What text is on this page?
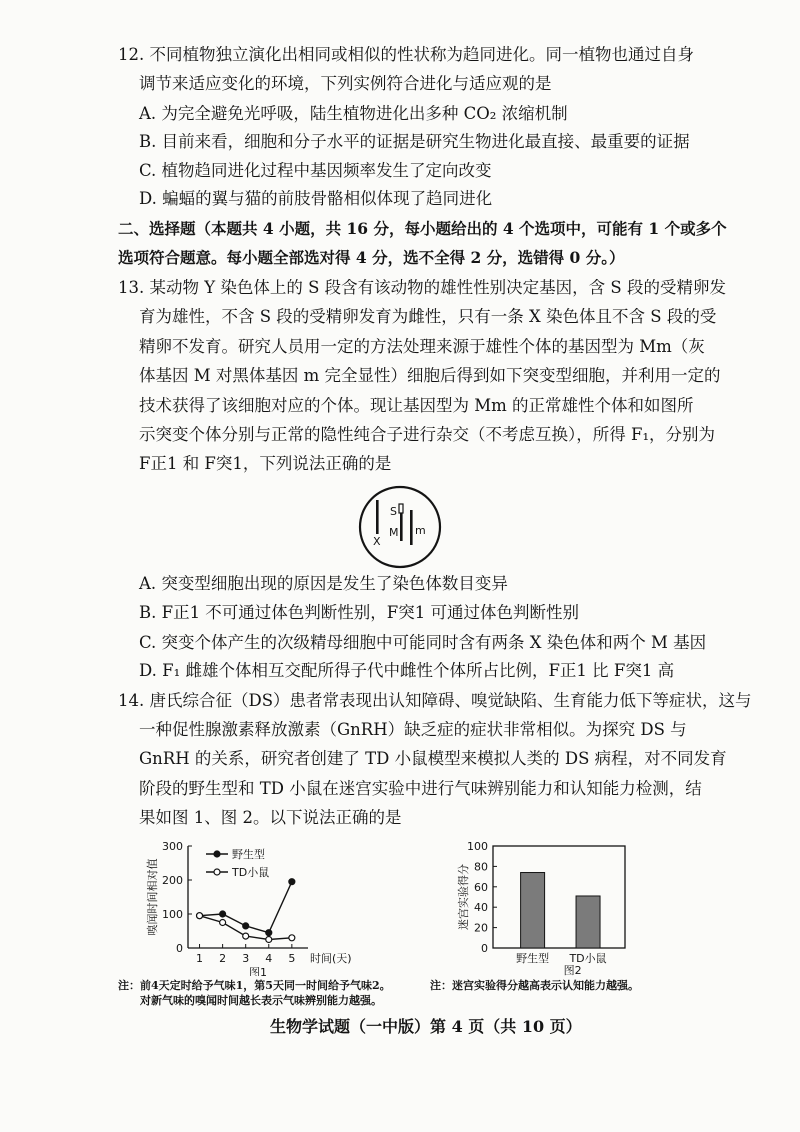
12. 不同植物独立演化出相同或相似的性状称为趋同进化。同一植物也通过自身
调节来适应变化的环境，下列实例符合进化与适应观的是
A. 为完全避免光呼吸，陆生植物进化出多种 CO₂ 浓缩机制
B. 目前来看，细胞和分子水平的证据是研究生物进化最直接、最重要的证据
C. 植物趋同进化过程中基因频率发生了定向改变
D. 蝙蝠的翼与猫的前肢骨骼相似体现了趋同进化
二、选择题（本题共 4 小题，共 16 分，每小题给出的 4 个选项中，可能有 1 个或多个
选项符合题意。每小题全部选对得 4 分，选不全得 2 分，选错得 0 分。）
13. 某动物 Y 染色体上的 S 段含有该动物的雄性性别决定基因，含 S 段的受精卵发
育为雄性，不含 S 段的受精卵发育为雌性，只有一条 X 染色体且不含 S 段的受
精卵不发育。研究人员用一定的方法处理来源于雄性个体的基因型为 Mm（灰
体基因 M 对黑体基因 m 完全显性）细胞后得到如下突变型细胞，并利用一定的
技术获得了该细胞对应的个体。现让基因型为 Mm 的正常雄性个体和如图所
示突变个体分别与正常的隐性纯合子进行杂交（不考虑互换），所得 F₁，分别为
F正1 和 F突1，下列说法正确的是
X
S
M m
A. 突变型细胞出现的原因是发生了染色体数目变异
B. F正1 不可通过体色判断性别，F突1 可通过体色判断性别
C. 突变个体产生的次级精母细胞中可能同时含有两条 X 染色体和两个 M 基因
D. F₁ 雌雄个体相互交配所得子代中雌性个体所占比例，F正1 比 F突1 高
14. 唐氏综合征（DS）患者常表现出认知障碍、嗅觉缺陷、生育能力低下等症状，这与
一种促性腺激素释放激素（GnRH）缺乏症的症状非常相似。为探究 DS 与
GnRH 的关系，研究者创建了 TD 小鼠模型来模拟人类的 DS 病程，对不同发育
阶段的野生型和 TD 小鼠在迷宫实验中进行气味辨别能力和认知能力检测，结
果如图 1、图 2。以下说法正确的是
0
100
200
300
1 2 3 4 5 时间(天)
嗅闻时间相对值
野生型
TD小鼠
图1
0
20
40
60
80
100
野生型 TD小鼠
迷宫实验得分
图2
注：前4天定时给予气味1，第5天同一时间给予气味2。
对新气味的嗅闻时间越长表示气味辨别能力越强。
注：迷宫实验得分越高表示认知能力越强。
生物学试题（一中版）第 4 页（共 10 页）
